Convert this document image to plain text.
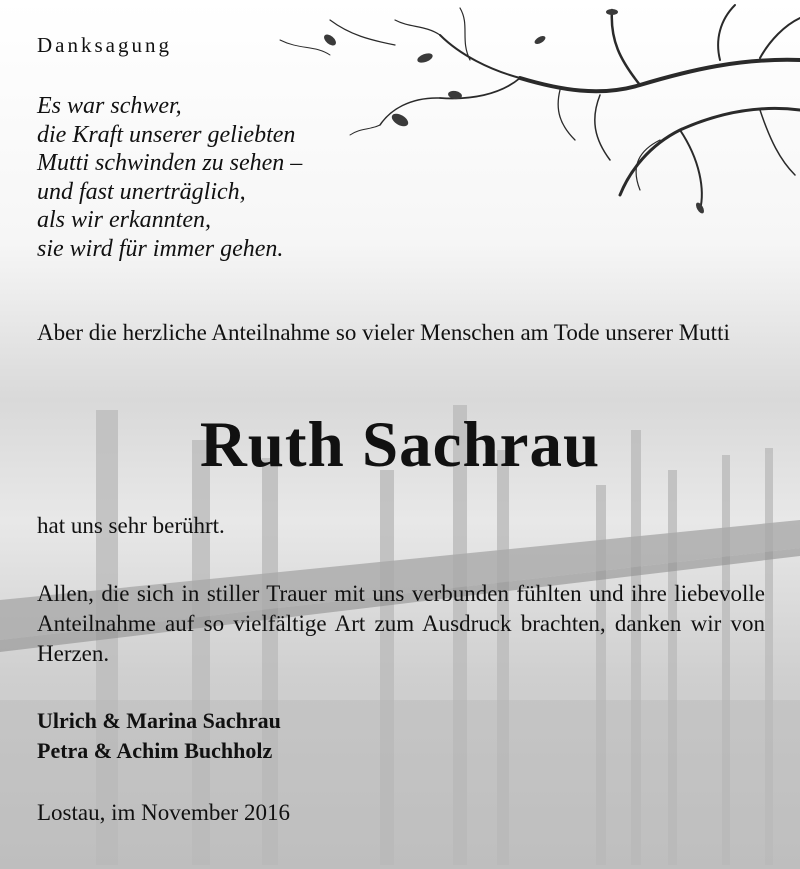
Danksagung
Es war schwer,
die Kraft unserer geliebten
Mutti schwinden zu sehen –
und fast unerträglich,
als wir erkannten,
sie wird für immer gehen.

Aber die herzliche Anteilnahme so vieler Menschen am Tode unserer Mutti

Ruth Sachrau

hat uns sehr berührt.

Allen, die sich in stiller Trauer mit uns verbunden fühlten und ihre liebevolle Anteilnahme auf so vielfältige Art zum Ausdruck brachten, danken wir von Herzen.

Ulrich & Marina Sachrau
Petra & Achim Buchholz

Lostau, im November 2016
